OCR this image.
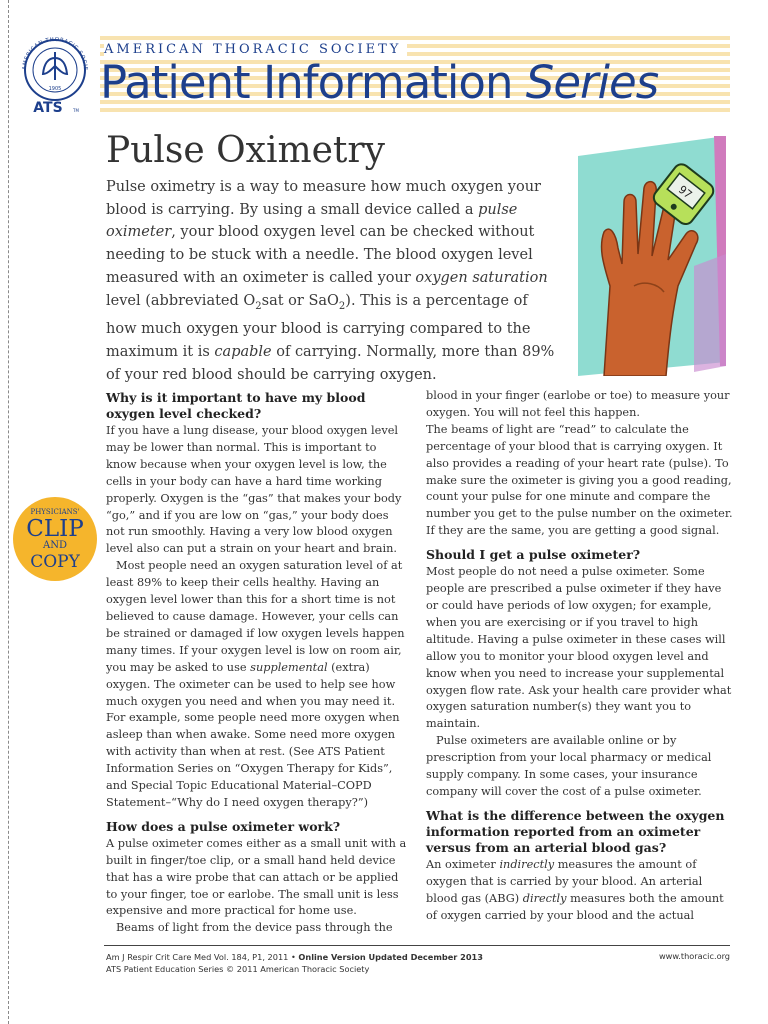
AMERICAN THORACIC SOCIE
1905
ATS	TM
AMERICAN THORACIC SOCIETY
Patient Information Series
Pulse Oximetry
Pulse oximetry is a way to measure how much oxygen your blood is carrying. By using a small device called a pulse oximeter, your blood oxygen level can be checked without needing to be stuck with a needle. The blood oxygen level measured with an oximeter is called your oxygen saturation level (abbreviated $O_2sat$ or SaO$_2$). This is a percentage of how much oxygen your blood is carrying compared to the maximum it is capable of carrying. Normally, more than 89% of your red blood should be carrying oxygen.
97
PHYSICIANS'
CLIP
AND
COPY
Why is it important to have my blood oxygen level checked?

If you have a lung disease, your blood oxygen level may be lower than normal. This is important to know because when your oxygen level is low, the cells in your body can have a hard time working properly. Oxygen is the “gas” that makes your body “go,” and if you are low on “gas,” your body does not run smoothly. Having a very low blood oxygen level also can put a strain on your heart and brain.

Most people need an oxygen saturation level of at least 89% to keep their cells healthy. Having an oxygen level lower than this for a short time is not believed to cause damage. However, your cells can be strained or damaged if low oxygen levels happen many times. If your oxygen level is low on room air, you may be asked to use supplemental (extra) oxygen. The oximeter can be used to help see how much oxygen you need and when you may need it. For example, some people need more oxygen when asleep than when awake. Some need more oxygen with activity than when at rest. (See ATS Patient Information Series on “Oxygen Therapy for Kids”, and Special Topic Educational Material–COPD Statement–“Why do I need oxygen therapy?”)

How does a pulse oximeter work?

A pulse oximeter comes either as a small unit with a built in finger/toe clip, or a small hand held device that has a wire probe that can attach or be applied to your finger, toe or earlobe. The small unit is less expensive and more practical for home use.

Beams of light from the device pass through the

blood in your finger (earlobe or toe) to measure your oxygen. You will not feel this happen.

The beams of light are “read” to calculate the percentage of your blood that is carrying oxygen. It also provides a reading of your heart rate (pulse). To make sure the oximeter is giving you a good reading, count your pulse for one minute and compare the number you get to the pulse number on the oximeter. If they are the same, you are getting a good signal.

Should I get a pulse oximeter?

Most people do not need a pulse oximeter. Some people are prescribed a pulse oximeter if they have or could have periods of low oxygen; for example, when you are exercising or if you travel to high altitude. Having a pulse oximeter in these cases will allow you to monitor your blood oxygen level and know when you need to increase your supplemental oxygen flow rate. Ask your health care provider what oxygen saturation number(s) they want you to maintain.

Pulse oximeters are available online or by prescription from your local pharmacy or medical supply company. In some cases, your insurance company will cover the cost of a pulse oximeter.

What is the difference between the oxygen information reported from an oximeter versus from an arterial blood gas?

An oximeter indirectly measures the amount of oxygen that is carried by your blood. An arterial blood gas (ABG) directly measures both the amount of oxygen carried by your blood and the actual

Am J Respir Crit Care Med Vol. 184, P1, 2011 • Online Version Updated December 2013
ATS Patient Education Series © 2011 American Thoracic Society
www.thoracic.org
